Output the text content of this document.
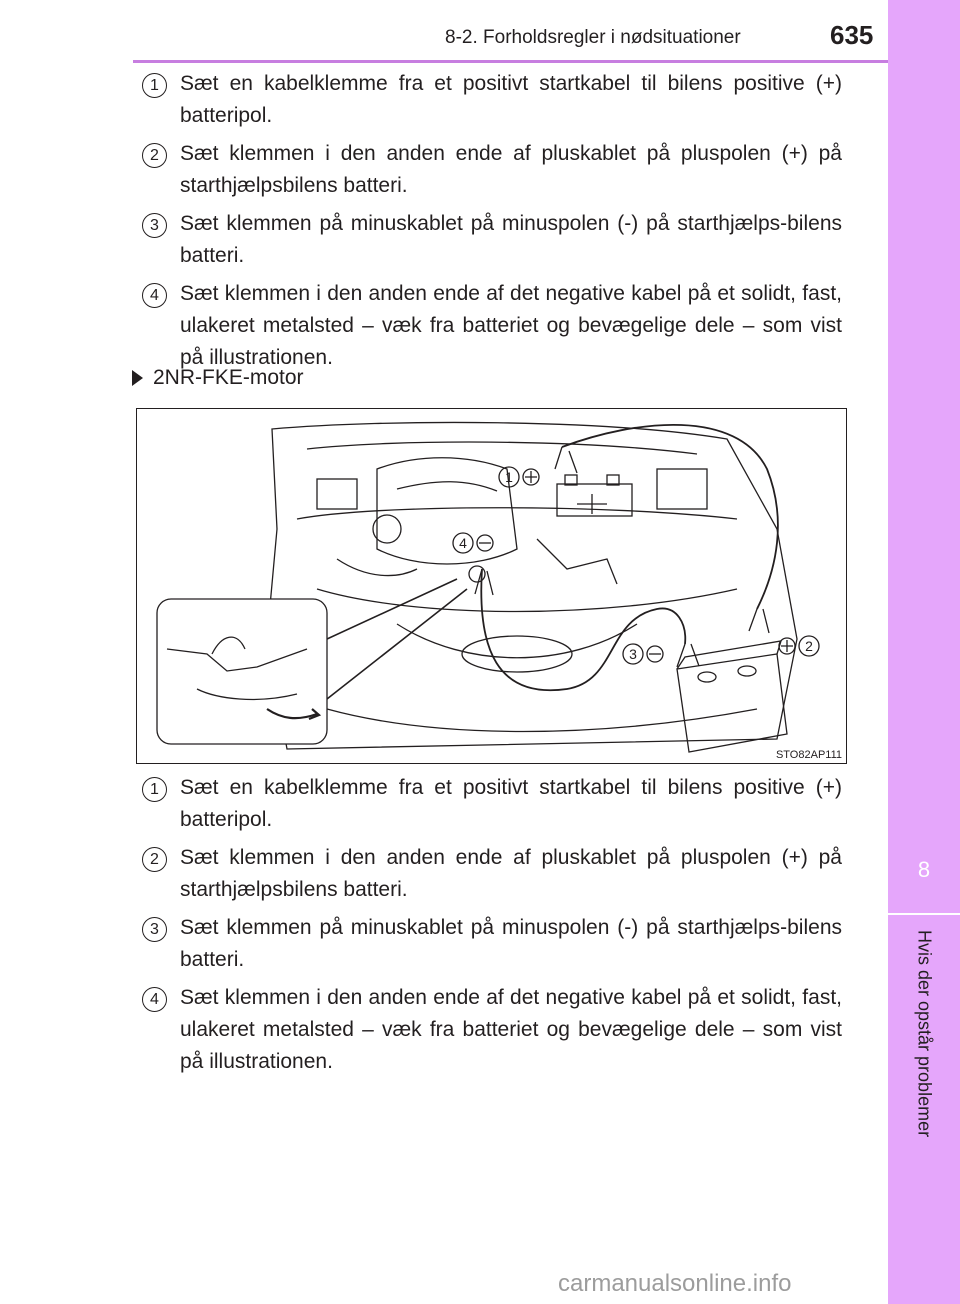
8-2. Forholdsregler i nødsituationer	635
8
Hvis der opstår problemer
1	Sæt en kabelklemme fra et positivt startkabel til bilens positive (+) batteripol.
2	Sæt klemmen i den anden ende af pluskablet på pluspolen (+) på starthjælpsbilens batteri.
3	Sæt klemmen på minuskablet på minuspolen (-) på starthjælps-bilens batteri.
4	Sæt klemmen i den anden ende af det negative kabel på et solidt, fast, ulakeret metalsted – væk fra batteriet og bevægelige dele – som vist på illustrationen.
2NR-FKE-motor
1
4
3	2
STO82AP111
1	Sæt en kabelklemme fra et positivt startkabel til bilens positive (+) batteripol.
2	Sæt klemmen i den anden ende af pluskablet på pluspolen (+) på starthjælpsbilens batteri.
3	Sæt klemmen på minuskablet på minuspolen (-) på starthjælps-bilens batteri.
4	Sæt klemmen i den anden ende af det negative kabel på et solidt, fast, ulakeret metalsted – væk fra batteriet og bevægelige dele – som vist på illustrationen.
carmanualsonline.info
